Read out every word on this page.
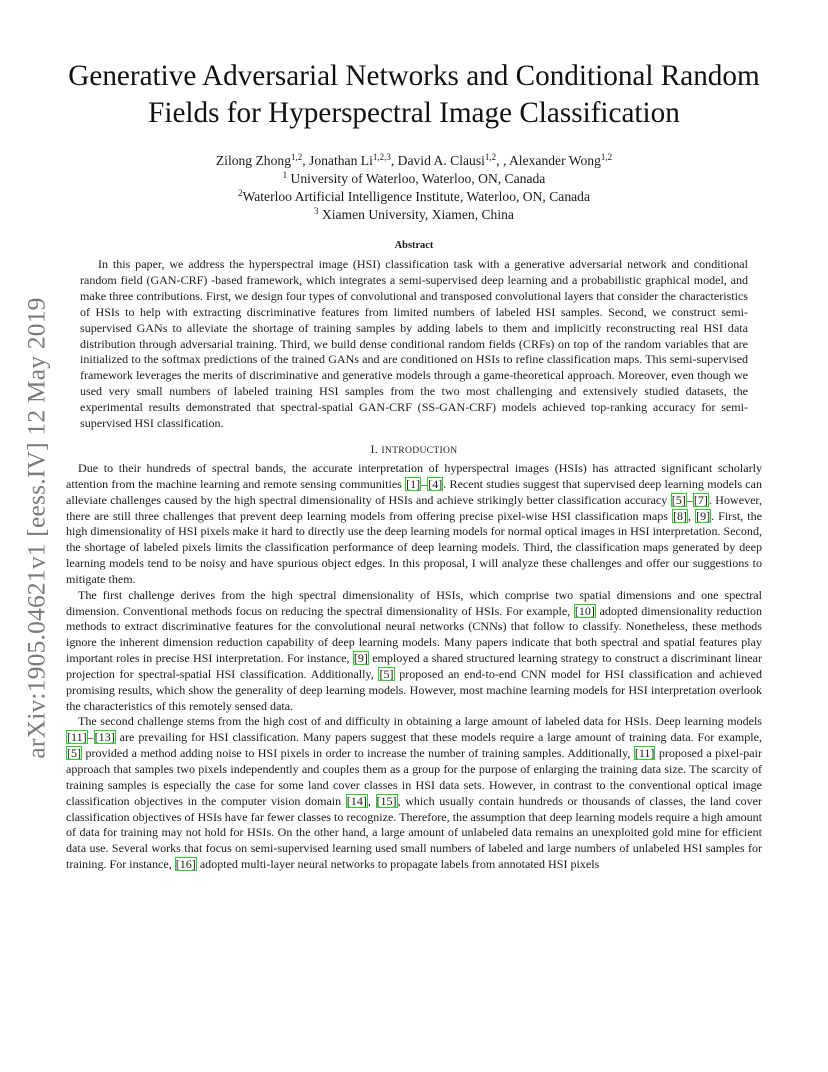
arXiv:1905.04621v1 [eess.IV] 12 May 2019
Generative Adversarial Networks and Conditional Random Fields for Hyperspectral Image Classification
Zilong Zhong$^{1,2}$, Jonathan Li$^{1,2,3}$, David A. Clausi$^{1,2}$, , Alexander Wong$^{1,2}$
$^1$ University of Waterloo, Waterloo, ON, Canada
$^2$Waterloo Artificial Intelligence Institute, Waterloo, ON, Canada
$^3$ Xiamen University, Xiamen, China
Abstract

In this paper, we address the hyperspectral image (HSI) classification task with a generative adversarial network and conditional random field (GAN-CRF) -based framework, which integrates a semi-supervised deep learning and a probabilistic graphical model, and make three contributions. First, we design four types of convolutional and transposed convolutional layers that consider the characteristics of HSIs to help with extracting discriminative features from limited numbers of labeled HSI samples. Second, we construct semi-supervised GANs to alleviate the shortage of training samples by adding labels to them and implicitly reconstructing real HSI data distribution through adversarial training. Third, we build dense conditional random fields (CRFs) on top of the random variables that are initialized to the softmax predictions of the trained GANs and are conditioned on HSIs to refine classification maps. This semi-supervised framework leverages the merits of discriminative and generative models through a game-theoretical approach. Moreover, even though we used very small numbers of labeled training HSI samples from the two most challenging and extensively studied datasets, the experimental results demonstrated that spectral-spatial GAN-CRF (SS-GAN-CRF) models achieved top-ranking accuracy for semi-supervised HSI classification.

I. INTRODUCTION

Due to their hundreds of spectral bands, the accurate interpretation of hyperspectral images (HSIs) has attracted significant scholarly attention from the machine learning and remote sensing communities [1]–[4]. Recent studies suggest that supervised deep learning models can alleviate challenges caused by the high spectral dimensionality of HSIs and achieve strikingly better classification accuracy [5]–[7]. However, there are still three challenges that prevent deep learning models from offering precise pixel-wise HSI classification maps [8], [9]. First, the high dimensionality of HSI pixels make it hard to directly use the deep learning models for normal optical images in HSI interpretation. Second, the shortage of labeled pixels limits the classification performance of deep learning models. Third, the classification maps generated by deep learning models tend to be noisy and have spurious object edges. In this proposal, I will analyze these challenges and offer our suggestions to mitigate them.

The first challenge derives from the high spectral dimensionality of HSIs, which comprise two spatial dimensions and one spectral dimension. Conventional methods focus on reducing the spectral dimensionality of HSIs. For example, [10] adopted dimensionality reduction methods to extract discriminative features for the convolutional neural networks (CNNs) that follow to classify. Nonetheless, these methods ignore the inherent dimension reduction capability of deep learning models. Many papers indicate that both spectral and spatial features play important roles in precise HSI interpretation. For instance, [9] employed a shared structured learning strategy to construct a discriminant linear projection for spectral-spatial HSI classification. Additionally, [5] proposed an end-to-end CNN model for HSI classification and achieved promising results, which show the generality of deep learning models. However, most machine learning models for HSI interpretation overlook the characteristics of this remotely sensed data.

The second challenge stems from the high cost of and difficulty in obtaining a large amount of labeled data for HSIs. Deep learning models [11]–[13] are prevailing for HSI classification. Many papers suggest that these models require a large amount of training data. For example, [5] provided a method adding noise to HSI pixels in order to increase the number of training samples. Additionally, [11] proposed a pixel-pair approach that samples two pixels independently and couples them as a group for the purpose of enlarging the training data size. The scarcity of training samples is especially the case for some land cover classes in HSI data sets. However, in contrast to the conventional optical image classification objectives in the computer vision domain [14], [15], which usually contain hundreds or thousands of classes, the land cover classification objectives of HSIs have far fewer classes to recognize. Therefore, the assumption that deep learning models require a high amount of data for training may not hold for HSIs. On the other hand, a large amount of unlabeled data remains an unexploited gold mine for efficient data use. Several works that focus on semi-supervised learning used small numbers of labeled and large numbers of unlabeled HSI samples for training. For instance, [16] adopted multi-layer neural networks to propagate labels from annotated HSI pixels
